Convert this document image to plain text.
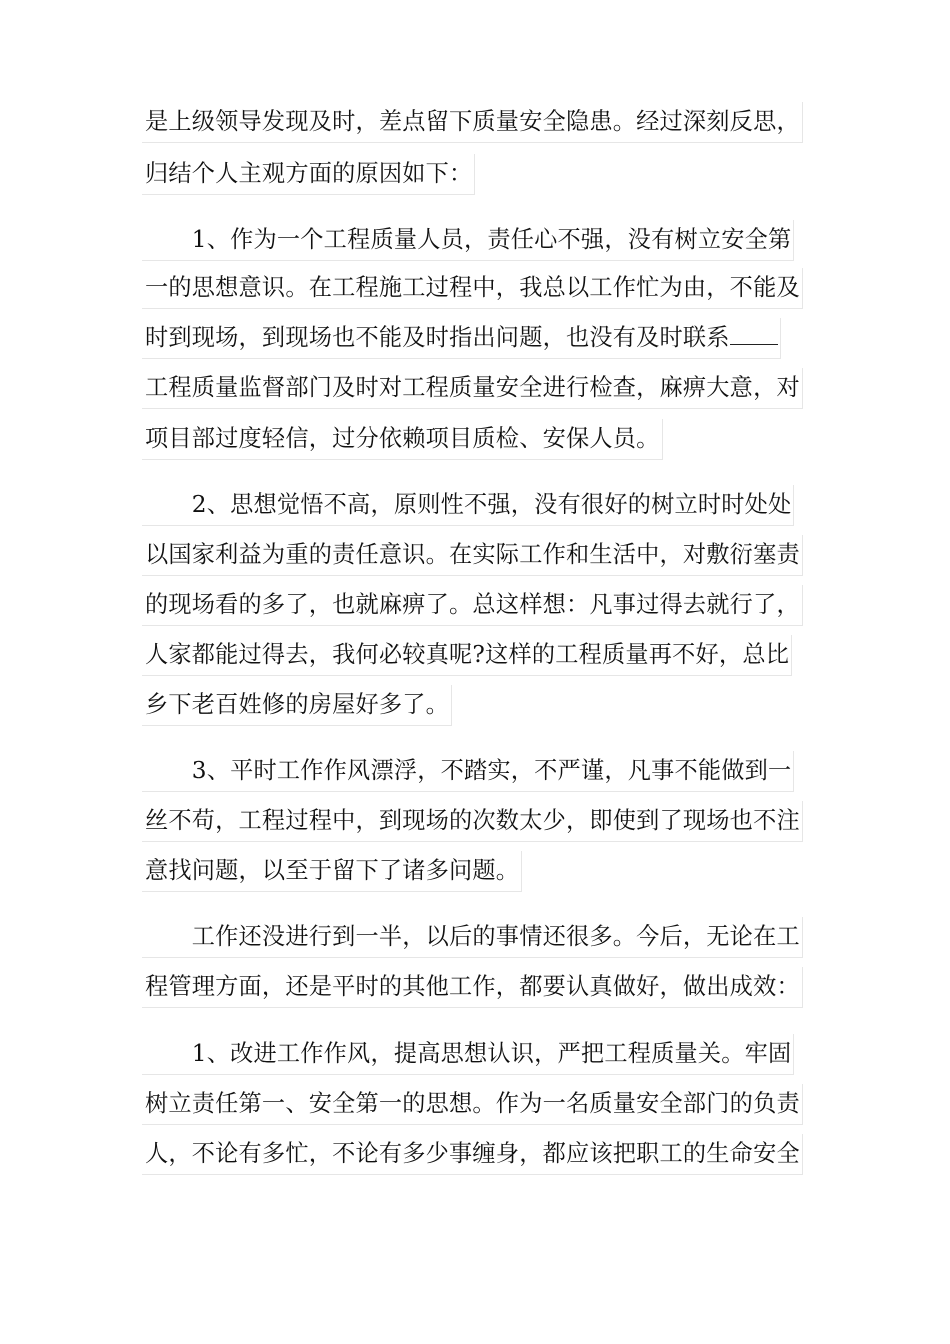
是上级领导发现及时，差点留下质量安全隐患。经过深刻反思，
归结个人主观方面的原因如下：
　　1、作为一个工程质量人员，责任心不强，没有树立安全第
一的思想意识。在工程施工过程中，我总以工作忙为由，不能及
时到现场，到现场也不能及时指出问题，也没有及时联系
工程质量监督部门及时对工程质量安全进行检查，麻痹大意，对
项目部过度轻信，过分依赖项目质检、安保人员。
　　2、思想觉悟不高，原则性不强，没有很好的树立时时处处
以国家利益为重的责任意识。在实际工作和生活中，对敷衍塞责
的现场看的多了，也就麻痹了。总这样想：凡事过得去就行了，
人家都能过得去，我何必较真呢?这样的工程质量再不好，总比
乡下老百姓修的房屋好多了。
　　3、平时工作作风漂浮，不踏实，不严谨，凡事不能做到一
丝不苟，工程过程中，到现场的次数太少，即使到了现场也不注
意找问题，以至于留下了诸多问题。
　　工作还没进行到一半，以后的事情还很多。今后，无论在工
程管理方面，还是平时的其他工作，都要认真做好，做出成效：
　　1、改进工作作风，提高思想认识，严把工程质量关。牢固
树立责任第一、安全第一的思想。作为一名质量安全部门的负责
人，不论有多忙，不论有多少事缠身，都应该把职工的生命安全
